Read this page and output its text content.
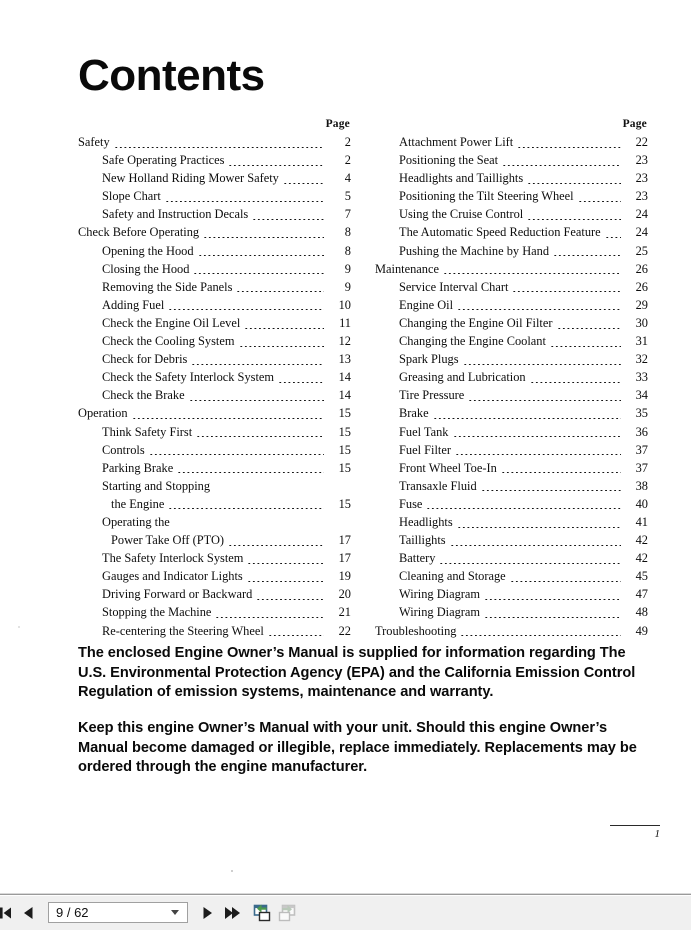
Contents
Page
Safety	2
Safe Operating Practices	2
New Holland Riding Mower Safety	4
Slope Chart	5
Safety and Instruction Decals	7
Check Before Operating	8
Opening the Hood	8
Closing the Hood	9
Removing the Side Panels	9
Adding Fuel	10
Check the Engine Oil Level	11
Check the Cooling System	12
Check for Debris	13
Check the Safety Interlock System	14
Check the Brake	14
Operation	15
Think Safety First	15
Controls	15
Parking Brake	15
Starting and Stopping
the Engine	15
Operating the
Power Take Off (PTO)	17
The Safety Interlock System	17
Gauges and Indicator Lights	19
Driving Forward or Backward	20
Stopping the Machine	21
Re-centering the Steering Wheel	22
Page
Attachment Power Lift	22
Positioning the Seat	23
Headlights and Taillights	23
Positioning the Tilt Steering Wheel	23
Using the Cruise Control	24
The Automatic Speed Reduction Feature	24
Pushing the Machine by Hand	25
Maintenance	26
Service Interval Chart	26
Engine Oil	29
Changing the Engine Oil Filter	30
Changing the Engine Coolant	31
Spark Plugs	32
Greasing and Lubrication	33
Tire Pressure	34
Brake	35
Fuel Tank	36
Fuel Filter	37
Front Wheel Toe-In	37
Transaxle Fluid	38
Fuse	40
Headlights	41
Taillights	42
Battery	42
Cleaning and Storage	45
Wiring Diagram	47
Wiring Diagram	48
Troubleshooting	49
The enclosed Engine Owner’s Manual is supplied for information regarding The U.S. Environmental Protection Agency (EPA) and the California Emission Control Regulation of emission systems, maintenance and warranty.
Keep this engine Owner’s Manual with your unit. Should this engine Owner’s Manual become damaged or illegible, replace immediately. Replacements may be ordered through the engine manufacturer.
1
9 / 62
